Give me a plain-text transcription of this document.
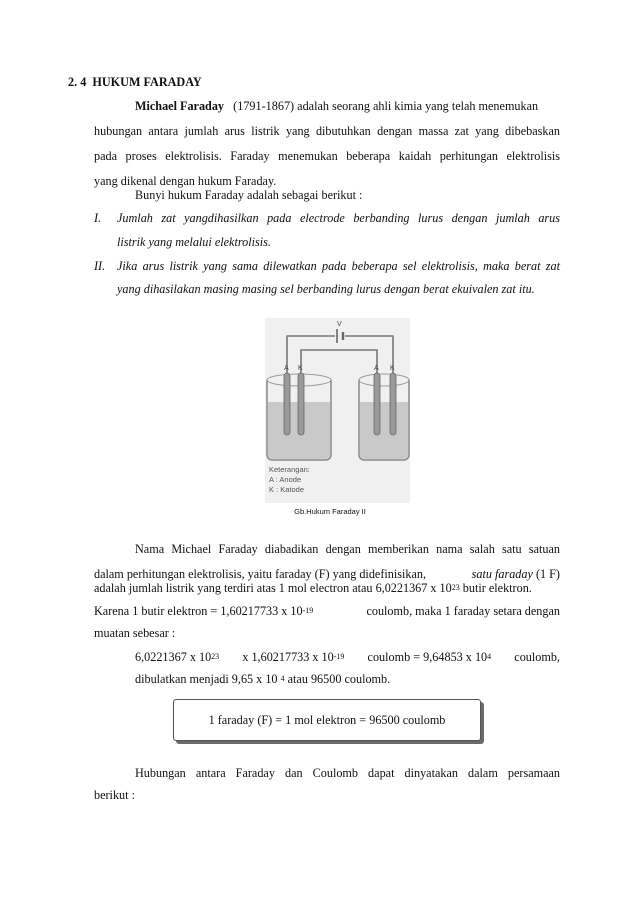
2. 4 HUKUM FARADAY
Michael Faraday (1791-1867) adalah seorang ahli kimia yang telah menemukan
hubungan antara jumlah arus listrik yang dibutuhkan dengan massa zat yang dibebaskan
pada proses elektrolisis. Faraday menemukan beberapa kaidah perhitungan elektrolisis
yang dikenal dengan hukum Faraday.
Bunyi hukum Faraday adalah sebagai berikut :
I. Jumlah zat yangdihasilkan pada electrode berbanding lurus dengan jumlah arus
listrik yang melalui elektrolisis.
II. Jika arus listrik yang sama dilewatkan pada beberapa sel elektrolisis, maka berat zat
yang dihasilakan masing masing sel berbanding lurus dengan berat ekuivalen zat itu.
V
A K	A K
Keterangan:
A : Anode
K : Katode
Gb.Hukum Faraday II
Nama Michael Faraday diabadikan dengan memberikan nama salah satu satuan
dalam perhitungan elektrolisis, yaitu faraday (F) yang didefinisikan,	satu faraday (1 F)
adalah jumlah listrik yang terdiri atas 1 mol electron atau 6,0221367 x $10^{23}$ butir elektron.
Karena 1 butir elektron = 1,60217733 x $10^{-19}$	coulomb, maka 1 faraday setara dengan
muatan sebesar :
6,0221367 x $10^{23}$ x 1,60217733 x $10^{-19}$ coulomb = 9,64853 x $10^4$ coulomb,
dibulatkan menjadi 9,65 x 10 $^4$ atau 96500 coulomb.
1 faraday (F) = 1 mol elektron = 96500 coulomb
Hubungan antara Faraday dan Coulomb dapat dinyatakan dalam persamaan
berikut :
